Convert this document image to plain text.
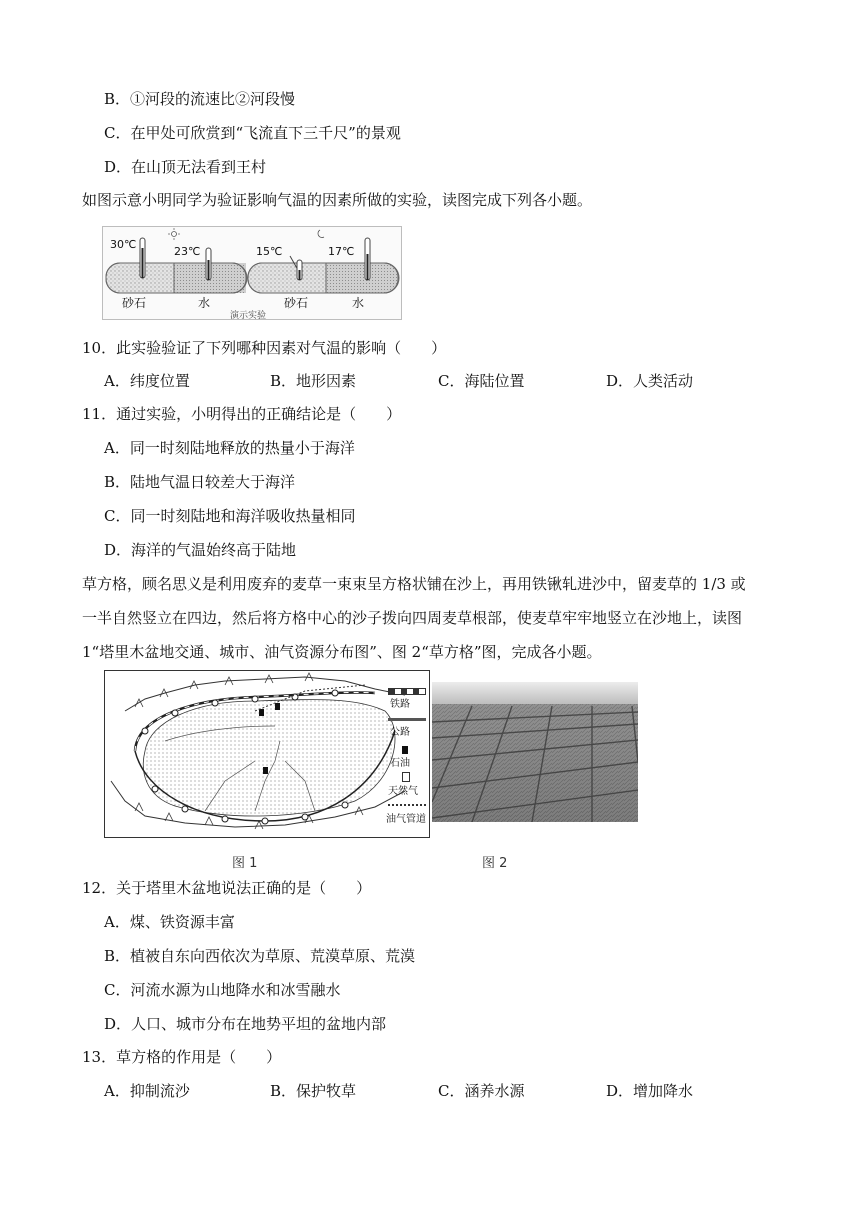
B．①河段的流速比②河段慢
C．在甲处可欣赏到“飞流直下三千尺”的景观
D．在山顶无法看到王村
如图示意小明同学为验证影响气温的因素所做的实验，读图完成下列各小题。
30℃
23℃	15℃	17℃
砂石	水	砂石	水
演示实验
10．此实验验证了下列哪种因素对气温的影响（　　）
A．纬度位置	B．地形因素	C．海陆位置	D．人类活动
11．通过实验，小明得出的正确结论是（　　）
A．同一时刻陆地释放的热量小于海洋
B．陆地气温日较差大于海洋
C．同一时刻陆地和海洋吸收热量相同
D．海洋的气温始终高于陆地
草方格，顾名思义是利用废弃的麦草一束束呈方格状铺在沙上，再用铁锹轧进沙中，留麦草的 1/3 或
一半自然竖立在四边，然后将方格中心的沙子拨向四周麦草根部，使麦草牢牢地竖立在沙地上，读图
1“塔里木盆地交通、城市、油气资源分布图”、图 2“草方格”图，完成各小题。
铁路
公路
石油
天然气
油气管道
图 1	图 2
12．关于塔里木盆地说法正确的是（　　）
A．煤、铁资源丰富
B．植被自东向西依次为草原、荒漠草原、荒漠
C．河流水源为山地降水和冰雪融水
D．人口、城市分布在地势平坦的盆地内部
13．草方格的作用是（　　）
A．抑制流沙	B．保护牧草	C．涵养水源	D．增加降水
